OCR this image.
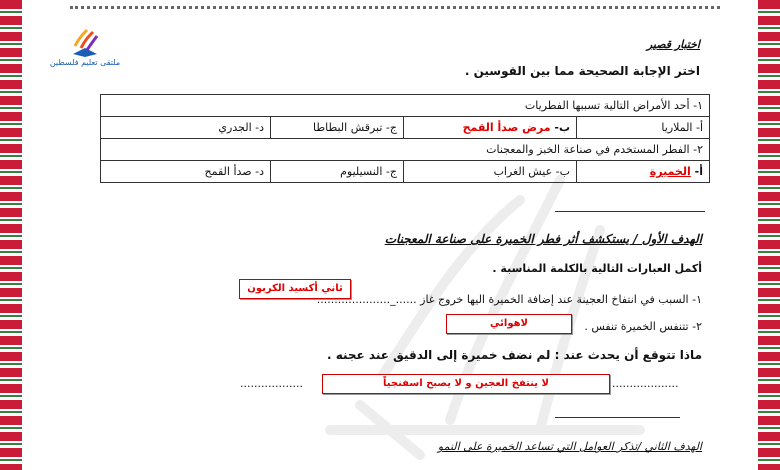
ملتقى تعليم فلسطين
اختبار قصير
اختر الإجابة الصحيحة مما بين القوسين .
١- أحد الأمراض التالية تسببها الفطريات			
أ- الملاريا	ب- مرض صدأ القمح	ج- تبرقش البطاطا	د- الجدري
٢- الفطر المستخدم في صناعة الخبز والمعجنات			
أ- الخميرة	ب- عيش الغراب	ج- النسيليوم	د- صدأ القمح
الهدف الأول / يستكشف أثر فطر الخميرة على صناعة المعجنات
أكمل العبارات التالية بالكلمة المناسبة .
ثاني أكسيد الكربون
١- السبب في انتفاخ العجينة عند إضافة الخميرة اليها خروج غاز ......_.....................
٢- تتنفس الخميرة تنفس .
لاهوائي
ماذا تتوقع أن يحدث عند : لم نضف خميرة إلى الدقيق عند عجنه .
...................
لا ينتفخ العجين و لا يصبح اسفنجياً
..................
الهدف الثاني /تذكر العوامل التي تساعد الخميرة على النمو
